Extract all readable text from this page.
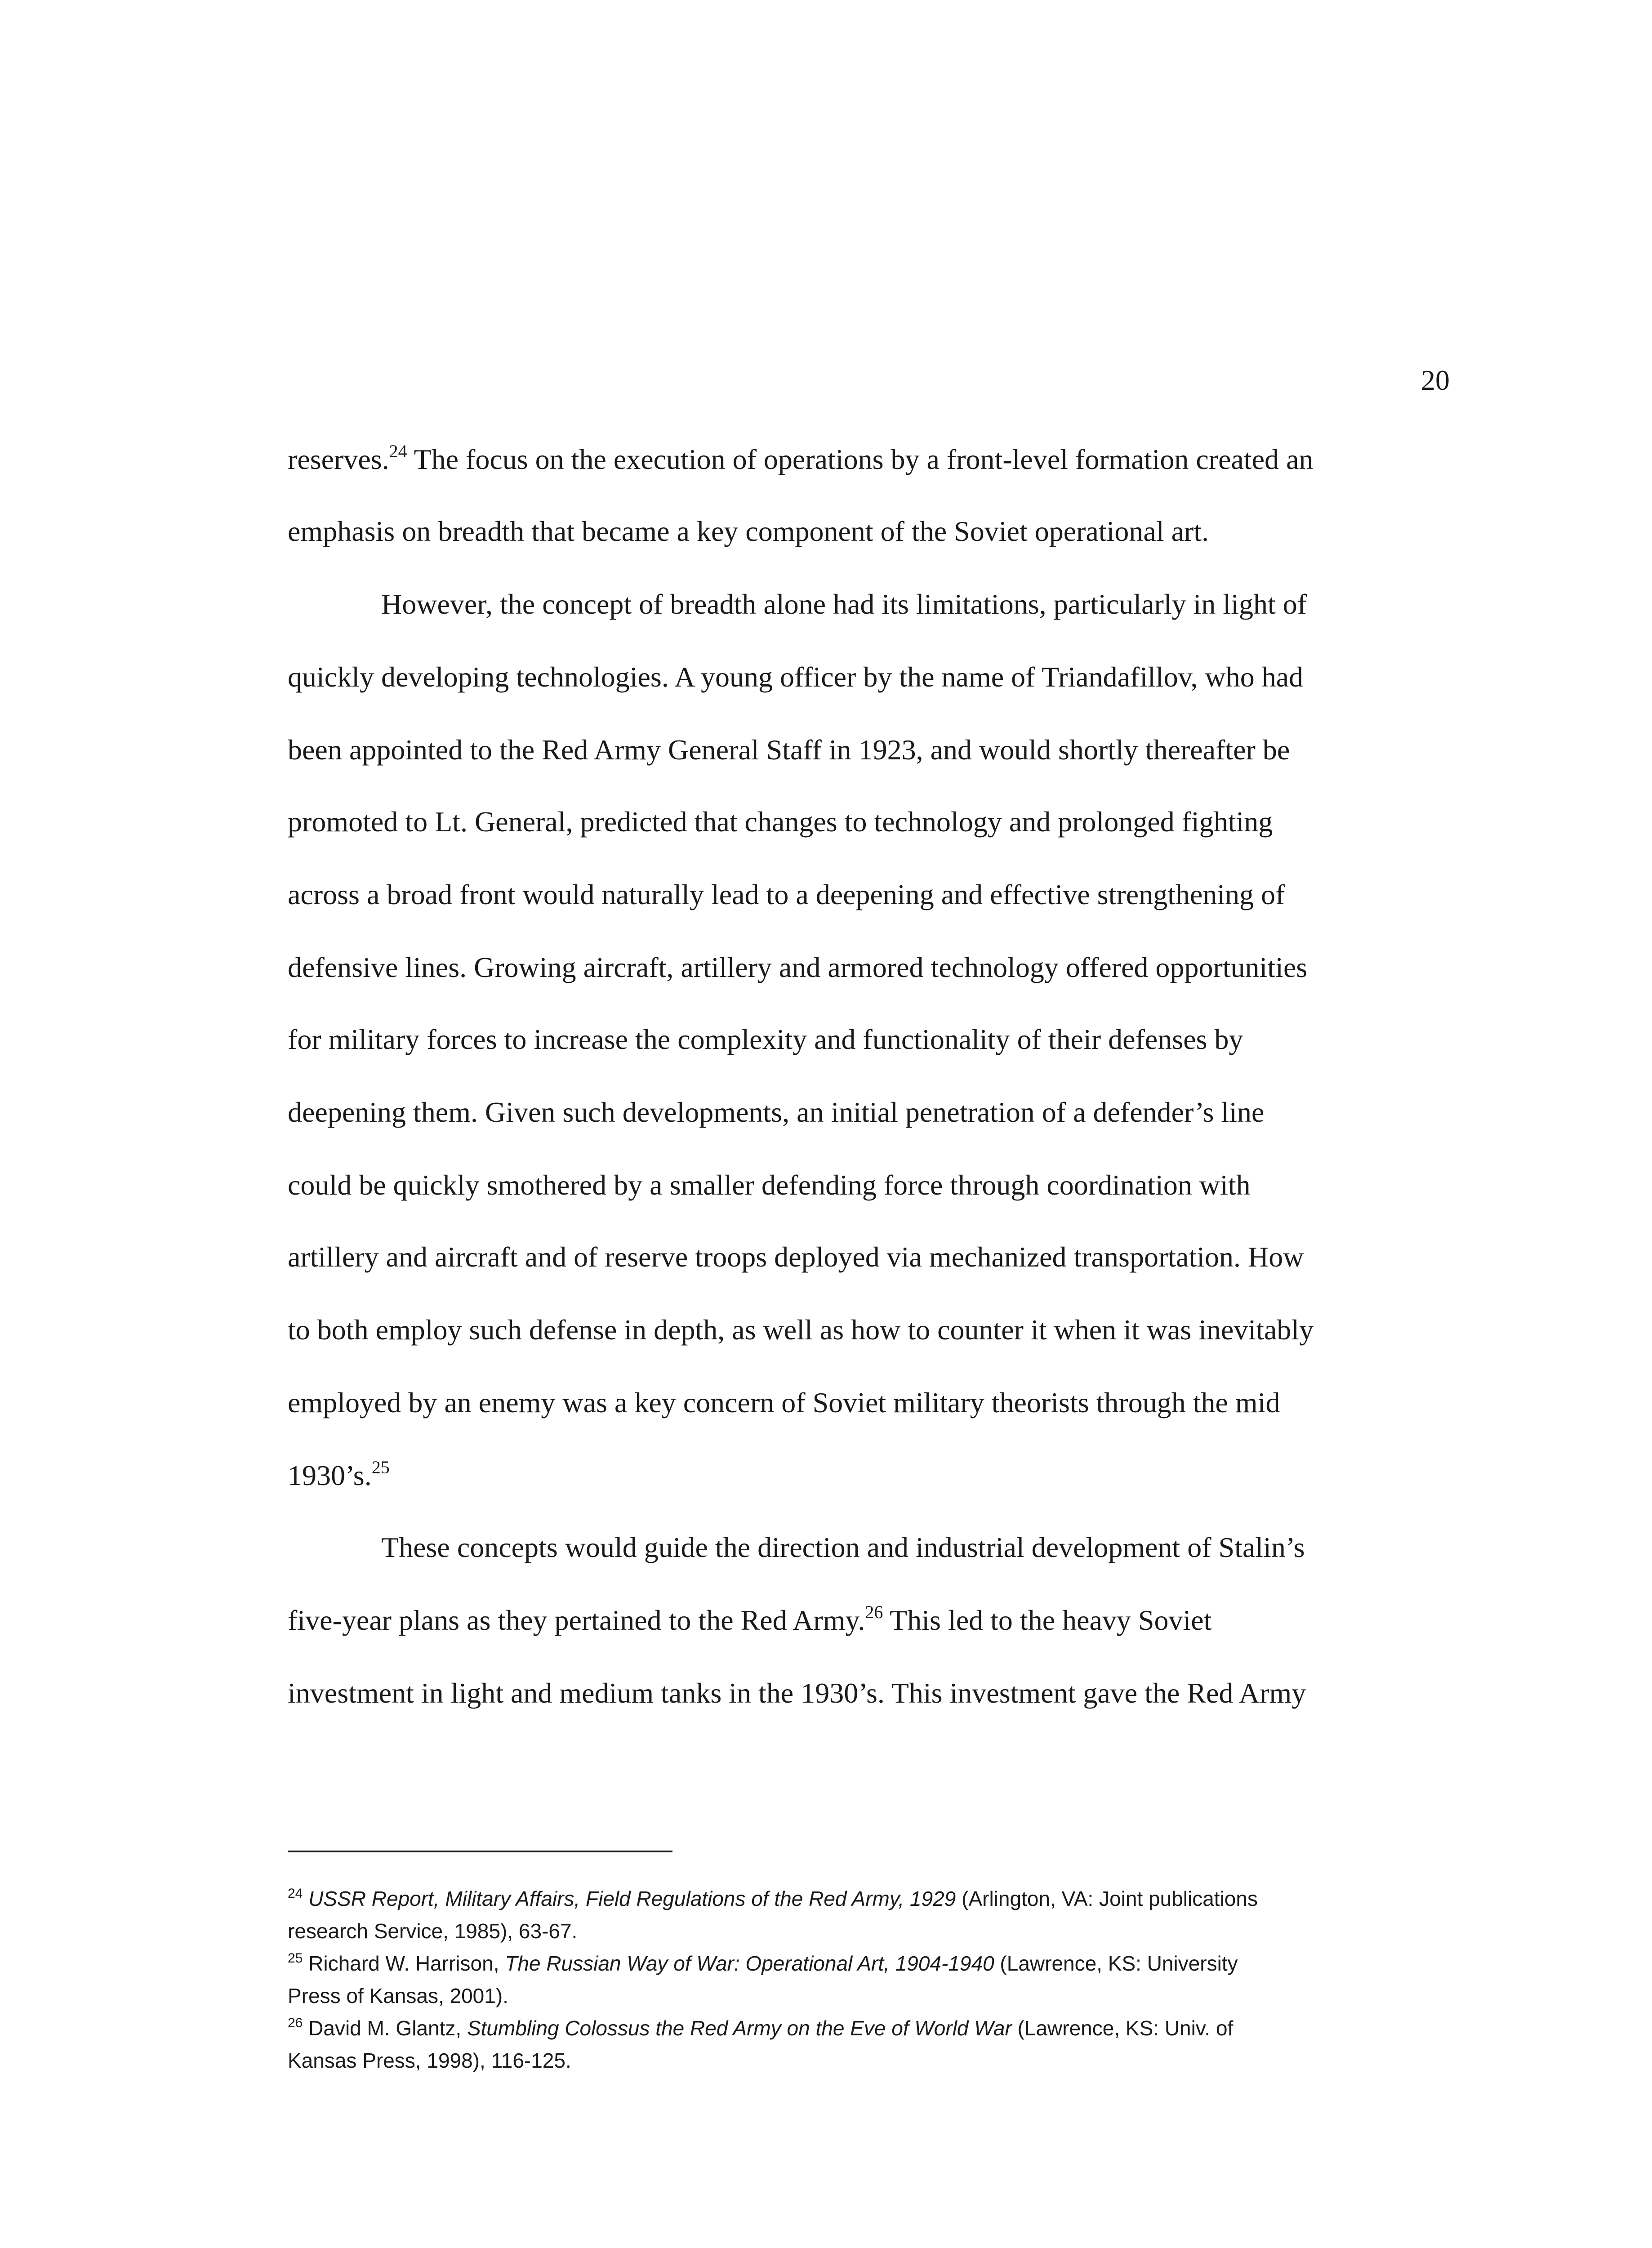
20
reserves.$^{24}$ The focus on the execution of operations by a front-level formation created an
emphasis on breadth that became a key component of the Soviet operational art.
However, the concept of breadth alone had its limitations, particularly in light of
quickly developing technologies. A young officer by the name of Triandafillov, who had
been appointed to the Red Army General Staff in 1923, and would shortly thereafter be
promoted to Lt. General, predicted that changes to technology and prolonged fighting
across a broad front would naturally lead to a deepening and effective strengthening of
defensive lines. Growing aircraft, artillery and armored technology offered opportunities
for military forces to increase the complexity and functionality of their defenses by
deepening them. Given such developments, an initial penetration of a defender’s line
could be quickly smothered by a smaller defending force through coordination with
artillery and aircraft and of reserve troops deployed via mechanized transportation. How
to both employ such defense in depth, as well as how to counter it when it was inevitably
employed by an enemy was a key concern of Soviet military theorists through the mid
1930’s.$^{25}$
These concepts would guide the direction and industrial development of Stalin’s
five-year plans as they pertained to the Red Army.$^{26}$ This led to the heavy Soviet
investment in light and medium tanks in the 1930’s. This investment gave the Red Army
$^{24}$ USSR Report, Military Affairs, Field Regulations of the Red Army, 1929 (Arlington, VA: Joint publications
research Service, 1985), 63-67.
$^{25}$ Richard W. Harrison, The Russian Way of War: Operational Art, 1904-1940 (Lawrence, KS: University
Press of Kansas, 2001).
$^{26}$ David M. Glantz, Stumbling Colossus the Red Army on the Eve of World War (Lawrence, KS: Univ. of
Kansas Press, 1998), 116-125.
